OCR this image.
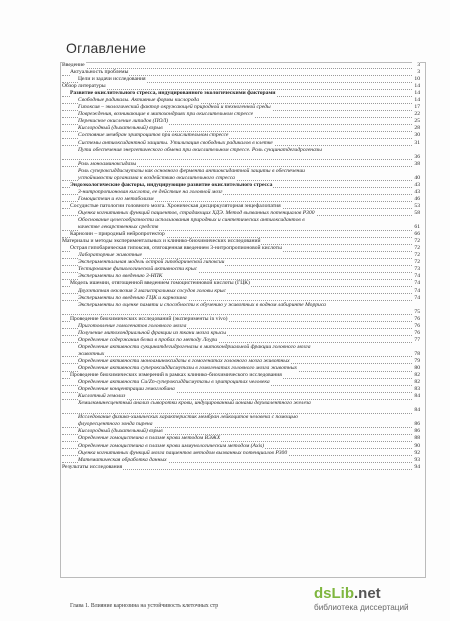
Оглавление
Введение	3
Актуальность проблемы	3
Цели и задачи исследования	10
Обзор литературы	14
Развитие окислительного стресса, индуцированного экологическими факторами	14
Свободные радикалы. Активные формы кислорода	14
Гипоксия – экологический фактор окружающей природной и техногенной среды	17
Повреждения, возникающие в митохондриях при окислительном стрессе	22
Перекисное окисление липидов (ПОЛ)	25
Кислородный (дыхательный) взрыв	28
Состояние мембран эритроцитов при окислительном стрессе	30
Системы антиоксидантной защиты. Утилизация свободных радикалов в клетке	31
Пути обеспечения энергетического обмена при окислительном стрессе. Роль сукцинатдегидрогеназы
36
Роль моноаминоксидазы	38
Роль супероксиддисмутазы как основного фермента антиоксидантной защиты в обеспечении
устойчивости организма к воздействию окислительного стресса	40
Эндоэкологические факторы, индуцирующие развитие окислительного стресса	43
3-нитропропионовая кислота, ее действие на головной мозг	43
Гомоцистеин и его метаболизм	46
Сосудистые патологии головного мозга. Хроническая дисциркуляторная энцефалопатия	53
Оценка когнитивных функций пациентов, страдающих ХДЭ. Метод вызванных потенциалов Р300	58
Обоснование целесообразности использования природных и синтетических антиоксидантов в
качестве лекарственных средств	61
Карнозин – природный нейропротектор	66
Материалы и методы экспериментальных и клинико-биохимических исследований	72
Острая гипобарическая гипоксия, отягощенная введением 3-нитропропионовой кислоты	72
Лабораторные животные	72
Экспериментальная модель острой гипобарической гипоксии	72
Тестирование физиологической активности крыс	73
Эксперименты по введению 3-НПК	74
Модель ишемии, отягощенной введением гомоцистеиновой кислоты (ГЦК)	74
Двухэтапная окклюзия 3 магистральных сосудов головы крыс	74
Эксперименты по введению ГЦК и карнозина	74
Эксперименты по оценке памяти и способности к обучению у животных в водном лабиринте Морриса
75
Проведение биохимических исследований (эксперименты in vivo)	76
Приготовление гомогенатов головного мозга	76
Получение митохондриальной фракции из ткани мозга крысы	76
Определение содержания белка в пробах по методу Лоури	77
Определение активности сукцинатдегидрогеназы в митохондриальной фракции головного мозга
животных	78
Определение активности моноаминоксидазы в гомогенатах головного мозга животных	79
Определение активности супероксиддисмутазы в гомогенатах головного мозга животных	80
Проведение биохимических измерений в рамках клинико-биохимического исследования	82
Определение активности Cu/Zn-супероксиддисмутазы в эритроцитах человека	82
Определение концентрации гемоглобина	83
Кислотный гемолиз	84
Хемилюминесцентный анализ сыворотки крови, индуцированный ионами двухвалентного железа
84
Исследование физико-химических характеристик мембран лейкоцитов человека с помощью
флуоресцентного зонда пирена	86
Кислородный (дыхательный) взрыв	86
Определение гомоцистеина в плазме крови методом ВЭЖХ	88
Определение гомоцистеина в плазме крови иммунологическим методом (Axis)	90
Оценка когнитивных функций мозга пациентов методом вызванных потенциалов Р300	92
Математическая обработка данных	93
Результаты исследования	94
Глава 1. Влияние карнозина на устойчивость клеточных стр
dsLib.net
библиотека диссертаций
